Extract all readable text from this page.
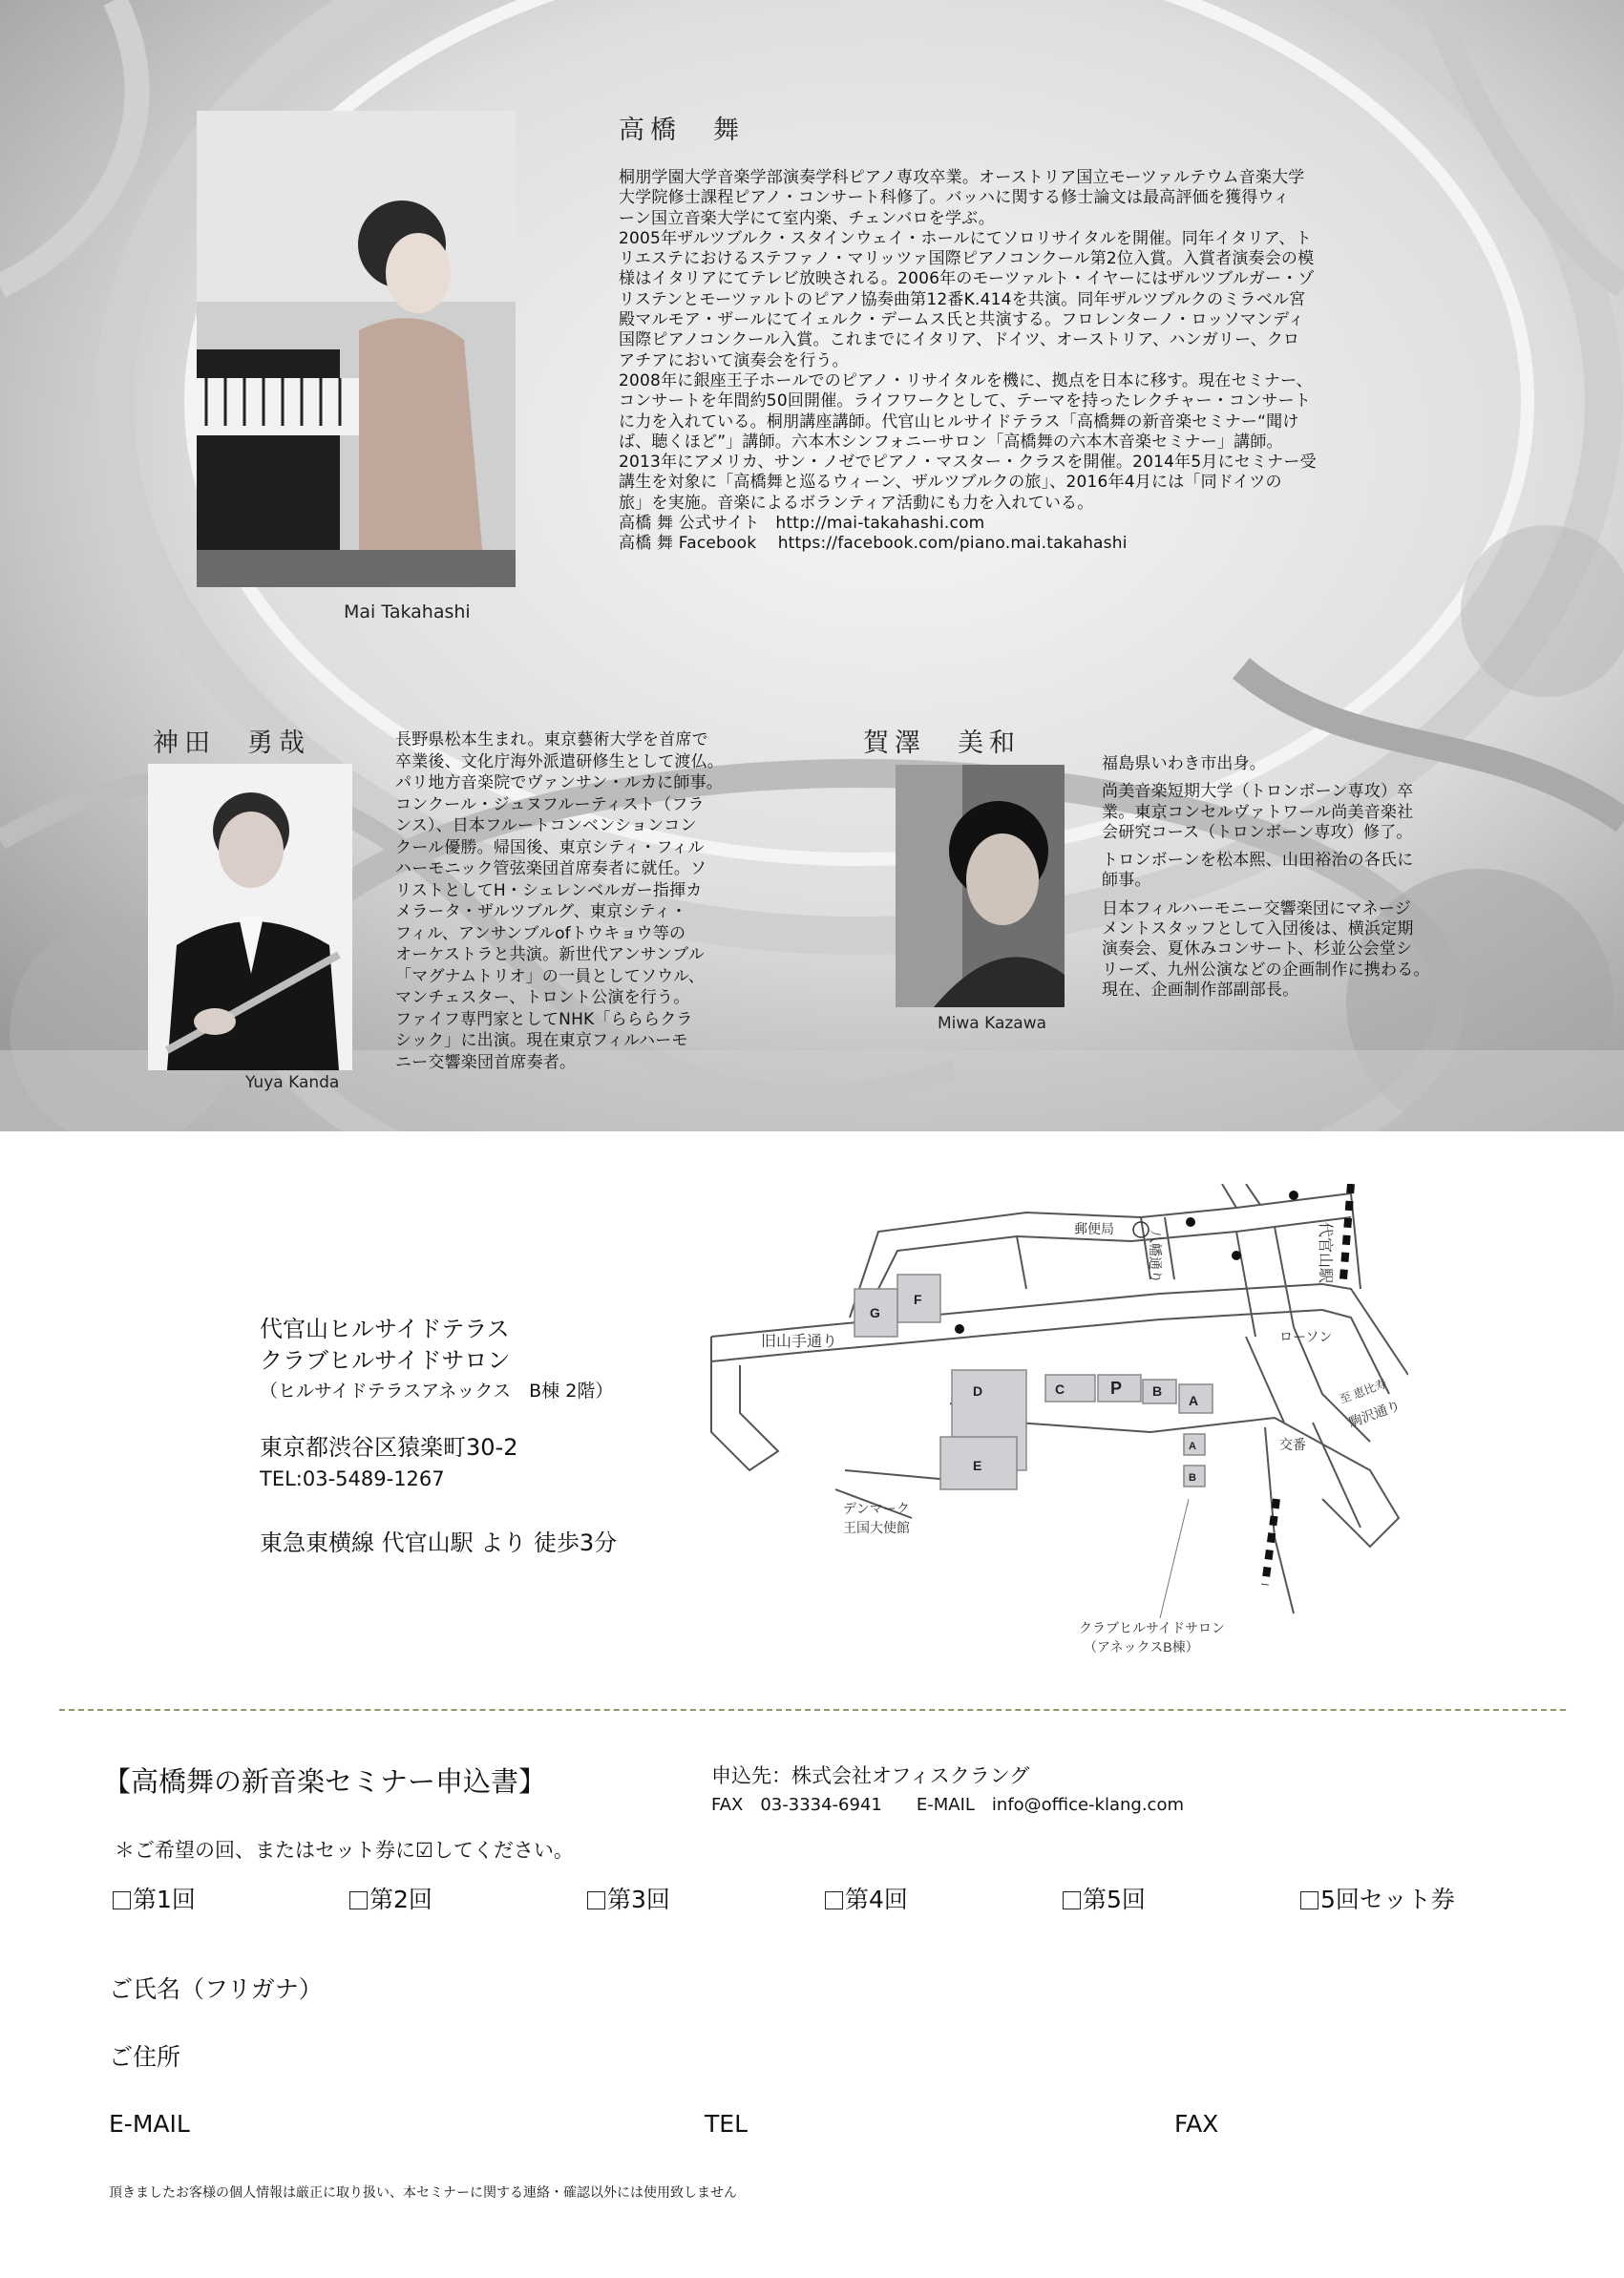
Mai Takahashi
高橋　舞
桐朋学園大学音楽学部演奏学科ピアノ専攻卒業。オーストリア国立モーツァルテウム音楽大学
大学院修士課程ピアノ・コンサート科修了。バッハに関する修士論文は最高評価を獲得ウィ
ーン国立音楽大学にて室内楽、チェンバロを学ぶ。
2005年ザルツブルク・スタインウェイ・ホールにてソロリサイタルを開催。同年イタリア、ト
リエステにおけるステファノ・マリッツァ国際ピアノコンクール第2位入賞。入賞者演奏会の模
様はイタリアにてテレビ放映される。2006年のモーツァルト・イヤーにはザルツブルガー・ゾ
リステンとモーツァルトのピアノ協奏曲第12番K.414を共演。同年ザルツブルクのミラベル宮
殿マルモア・ザールにてイェルク・デームス氏と共演する。フロレンターノ・ロッソマンディ
国際ピアノコンクール入賞。これまでにイタリア、ドイツ、オーストリア、ハンガリー、クロ
アチアにおいて演奏会を行う。
2008年に銀座王子ホールでのピアノ・リサイタルを機に、拠点を日本に移す。現在セミナー、
コンサートを年間約50回開催。ライフワークとして、テーマを持ったレクチャー・コンサート
に力を入れている。桐朋講座講師。代官山ヒルサイドテラス「高橋舞の新音楽セミナー“聞け
ば、聴くほど”」講師。六本木シンフォニーサロン「高橋舞の六本木音楽セミナー」講師。
2013年にアメリカ、サン・ノゼでピアノ・マスター・クラスを開催。2014年5月にセミナー受
講生を対象に「高橋舞と巡るウィーン、ザルツブルクの旅」、2016年4月には「同ドイツの
旅」を実施。音楽によるボランティア活動にも力を入れている。
高橋 舞 公式サイト   http://mai-takahashi.com
高橋 舞 Facebook    https://facebook.com/piano.mai.takahashi
神田　勇哉
Yuya Kanda
長野県松本生まれ。東京藝術大学を首席で
卒業後、文化庁海外派遣研修生として渡仏。
パリ地方音楽院でヴァンサン・ルカに師事。
コンクール・ジュヌフルーティスト（フラ
ンス）、日本フルートコンベンションコン
クール優勝。帰国後、東京シティ・フィル
ハーモニック管弦楽団首席奏者に就任。ソ
リストとしてH・シェレンベルガー指揮カ
メラータ・ザルツブルグ、東京シティ・
フィル、アンサンブルofトウキョウ等の
オーケストラと共演。新世代アンサンブル
「マグナムトリオ」の一員としてソウル、
マンチェスター、トロント公演を行う。
ファイフ専門家としてNHK「らららクラ
シック」に出演。現在東京フィルハーモ
ニー交響楽団首席奏者。
賀澤　美和
Miwa Kazawa
福島県いわき市出身。
尚美音楽短期大学（トロンボーン専攻）卒
業。東京コンセルヴァトワール尚美音楽社
会研究コース（トロンボーン専攻）修了。
トロンボーンを松本熙、山田裕治の各氏に
師事。
日本フィルハーモニー交響楽団にマネージ
メントスタッフとして入団後は、横浜定期
演奏会、夏休みコンサート、杉並公会堂シ
リーズ、九州公演などの企画制作に携わる。
現在、企画制作部副部長。
代官山ヒルサイドテラス
クラブヒルサイドサロン
（ヒルサイドテラスアネックス　B棟 2階）
東京都渋谷区猿楽町30-2
TEL:03-5489-1267
東急東横線 代官山駅 より 徒歩3分
G
F
D	C	P B
A
E
A
B
郵便局
ローソン
旧山手通り
交番
デンマーク
王国大使館
クラブヒルサイドサロン
（アネックスB棟）
至 恵比寿
駒沢通り
八幡通り	代官山駅
【高橋舞の新音楽セミナー申込書】	申込先：株式会社オフィスクラング
FAX　03-3334-6941　　E-MAIL　info@office-klang.com
＊ご希望の回、またはセット券に☑してください。
第1回	第2回	第3回	第4回	第5回	5回セット券
ご氏名（フリガナ）
ご住所
E-MAIL	TEL	FAX
頂きましたお客様の個人情報は厳正に取り扱い、本セミナーに関する連絡・確認以外には使用致しません
